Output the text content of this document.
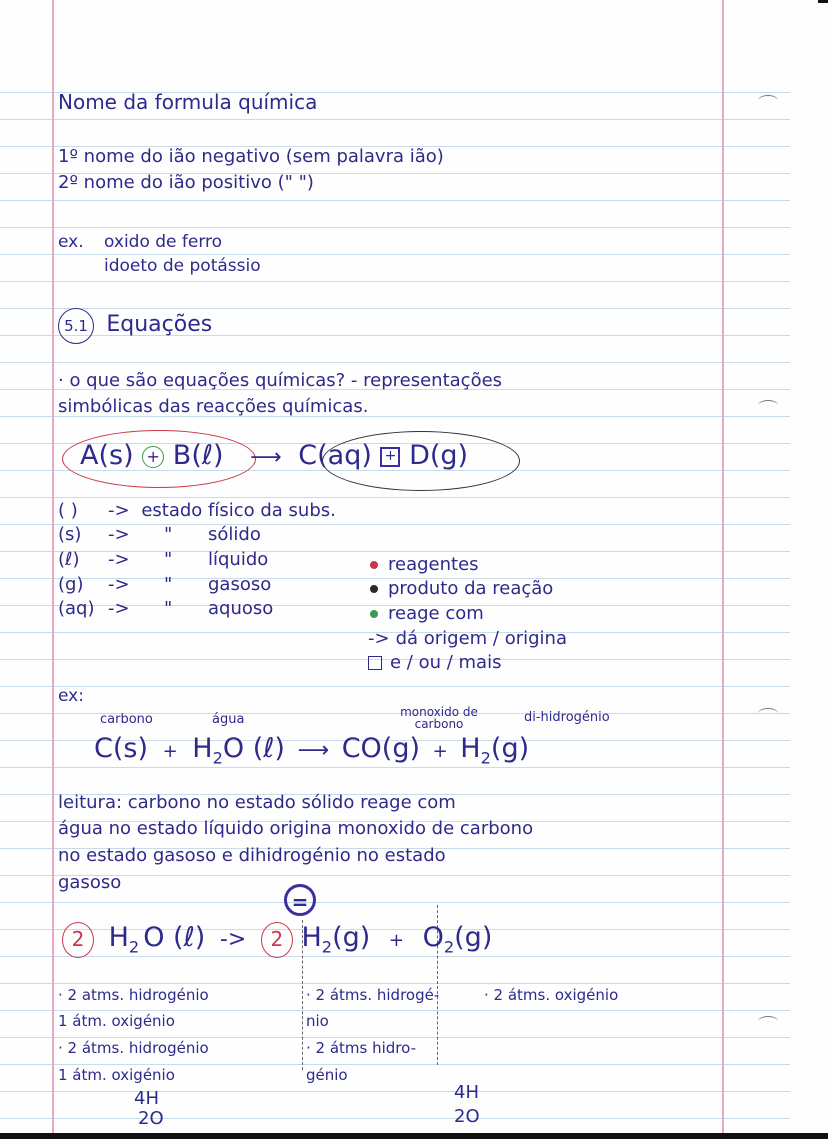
Nome da formula química
1º nome do ião negativo (sem palavra ião)
2º nome do ião positivo (" ")
ex. oxido de ferro
idoeto de potássio
5.1 Equações
· o que são equações químicas? - representações
simbólicas das reacções químicas.
A(s) + B(ℓ) ⟶ C(aq) + D(g)
( ) -> estado físico da subs.
(s) -> " sólido
(ℓ) -> " líquido
(g) -> " gasoso
(aq) -> " aquoso
reagentes
produto da reação
reage com
-> dá origem / origina
e / ou / mais
ex:
carbono	água	monoxido de carbono	di-hidrogénio
$C(s) + H_2O$ (ℓ) ⟶ $CO(g) + H_2(g)$
leitura: carbono no estado sólido reage com
água no estado líquido origina monoxido de carbono
no estado gasoso e dihidrogénio no estado
gasoso
=
2 $H_2$ O (ℓ) -> 2 $H_2(g) + O_2(g)$
· 2 atms. hidrogénio
1 átm. oxigénio
· 2 átms. hidrogénio
1 átm. oxigénio
4H
2O
· 2 átms. hidrogé-
nio
· 2 átms hidro-
génio
· 2 átms. oxigénio
4H
2O
